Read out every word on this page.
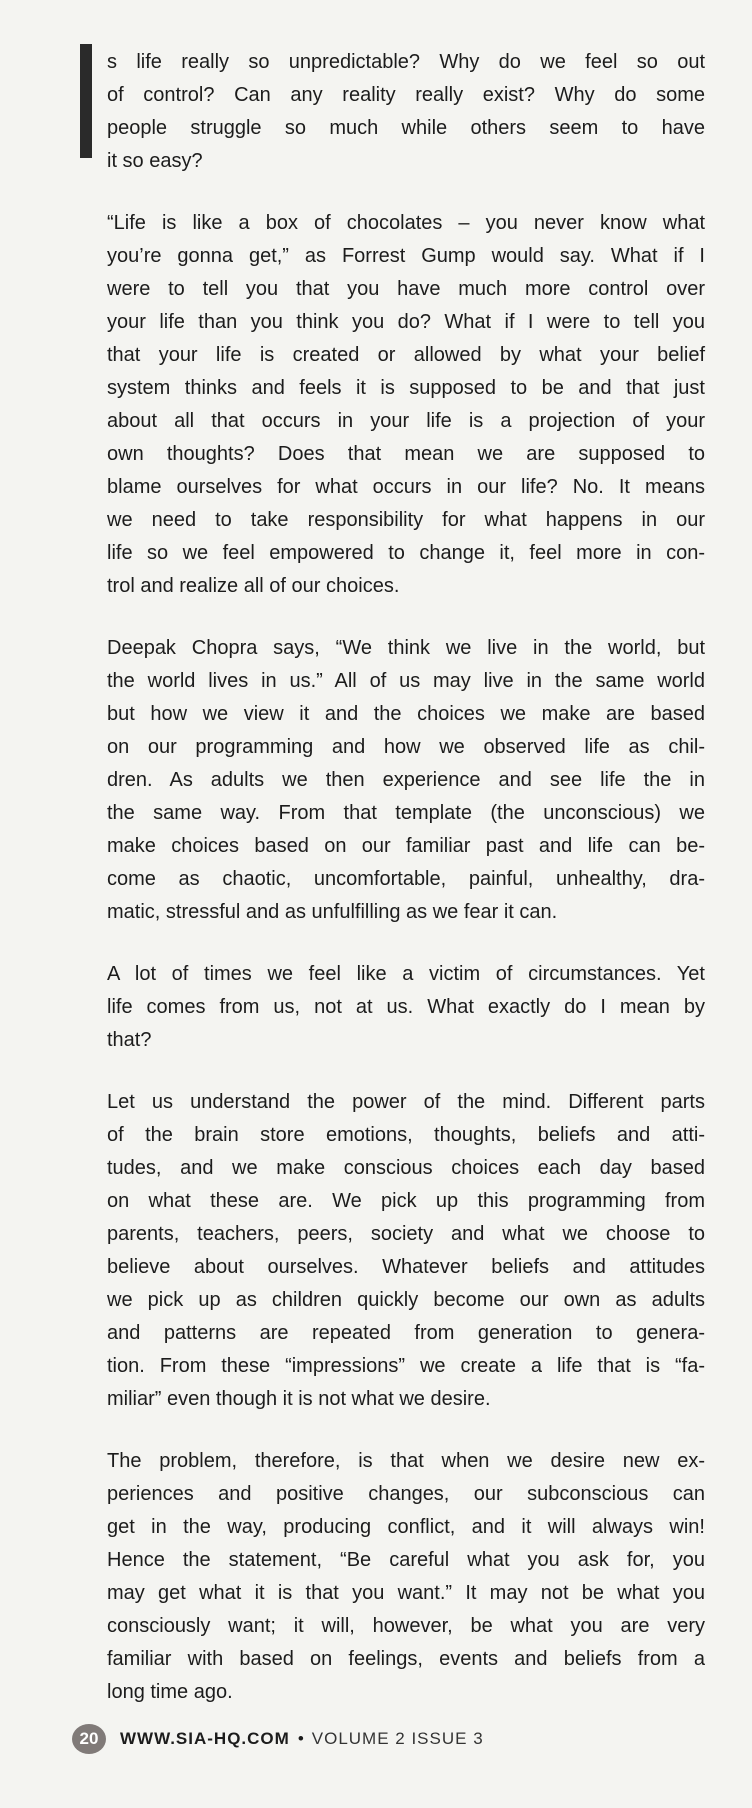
s life really so unpredictable? Why do we feel so out
of control? Can any reality really exist? Why do some
people struggle so much while others seem to have
it so easy?
“Life is like a box of chocolates – you never know what
you’re gonna get,” as Forrest Gump would say. What if I
were to tell you that you have much more control over
your life than you think you do? What if I were to tell you
that your life is created or allowed by what your belief
system thinks and feels it is supposed to be and that just
about all that occurs in your life is a projection of your
own thoughts? Does that mean we are supposed to
blame ourselves for what occurs in our life? No. It means
we need to take responsibility for what happens in our
life so we feel empowered to change it, feel more in con-
trol and realize all of our choices.
Deepak Chopra says, “We think we live in the world, but
the world lives in us.” All of us may live in the same world
but how we view it and the choices we make are based
on our programming and how we observed life as chil-
dren. As adults we then experience and see life the in
the same way. From that template (the unconscious) we
make choices based on our familiar past and life can be-
come as chaotic, uncomfortable, painful, unhealthy, dra-
matic, stressful and as unfulfilling as we fear it can.
A lot of times we feel like a victim of circumstances. Yet
life comes from us, not at us. What exactly do I mean by
that?
Let us understand the power of the mind. Different parts
of the brain store emotions, thoughts, beliefs and atti-
tudes, and we make conscious choices each day based
on what these are. We pick up this programming from
parents, teachers, peers, society and what we choose to
believe about ourselves. Whatever beliefs and attitudes
we pick up as children quickly become our own as adults
and patterns are repeated from generation to genera-
tion. From these “impressions” we create a life that is “fa-
miliar” even though it is not what we desire.
The problem, therefore, is that when we desire new ex-
periences and positive changes, our subconscious can
get in the way, producing conflict, and it will always win!
Hence the statement, “Be careful what you ask for, you
may get what it is that you want.” It may not be what you
consciously want; it will, however, be what you are very
familiar with based on feelings, events and beliefs from a
long time ago.
20	WWW.SIA-HQ.COM • VOLUME 2 ISSUE 3
